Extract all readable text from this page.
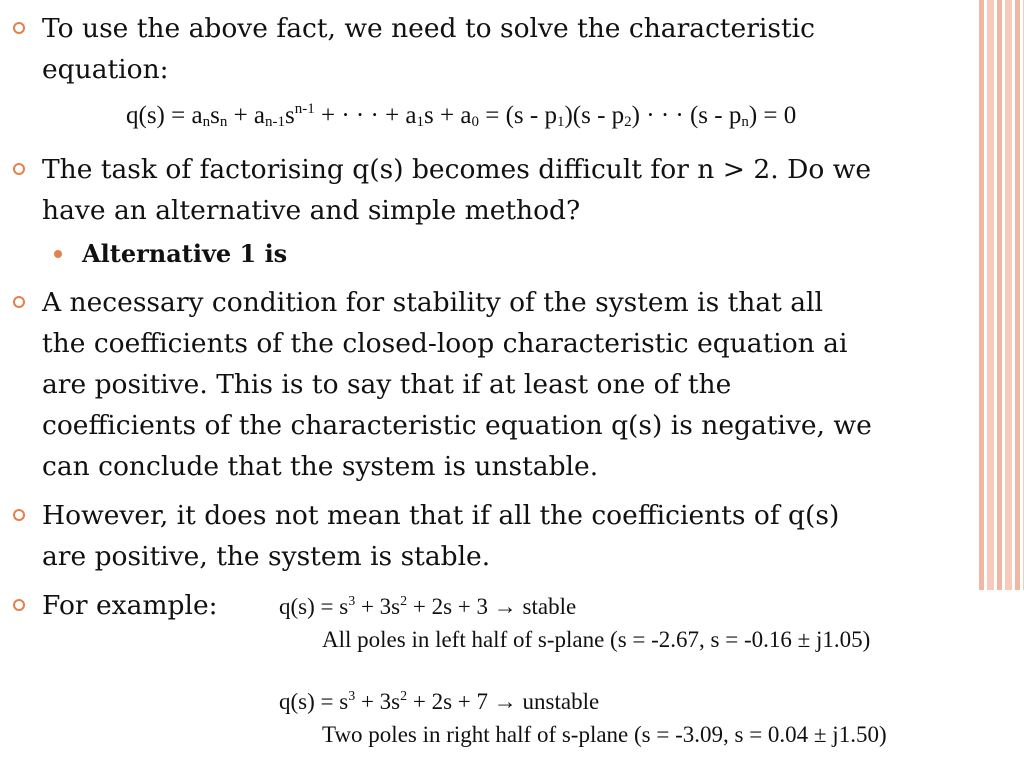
To use the above fact, we need to solve the characteristic
equation:
$q(s) = a_ns_n + a_{n-1}s^{n-1}$ + · · · + $a_1s + a_0 = (s - p_1)(s - p_2)$ · · · $(s - p_n) = 0$
The task of factorising q(s) becomes difficult for n > 2. Do we
have an alternative and simple method?
Alternative 1 is
A necessary condition for stability of the system is that all
the coefficients of the closed-loop characteristic equation ai
are positive. This is to say that if at least one of the
coefficients of the characteristic equation q(s) is negative, we
can conclude that the system is unstable.
However, it does not mean that if all the coefficients of q(s)
are positive, the system is stable.
For example:	$q(s) = s^3 + 3s^2 + 2s + 3$ → stable
All poles in left half of s-plane (s = -2.67, s = -0.16 ± j1.05)
$q(s) = s^3 + 3s^2 + 2s + 7$ → unstable
Two poles in right half of s-plane (s = -3.09, s = 0.04 ± j1.50)
